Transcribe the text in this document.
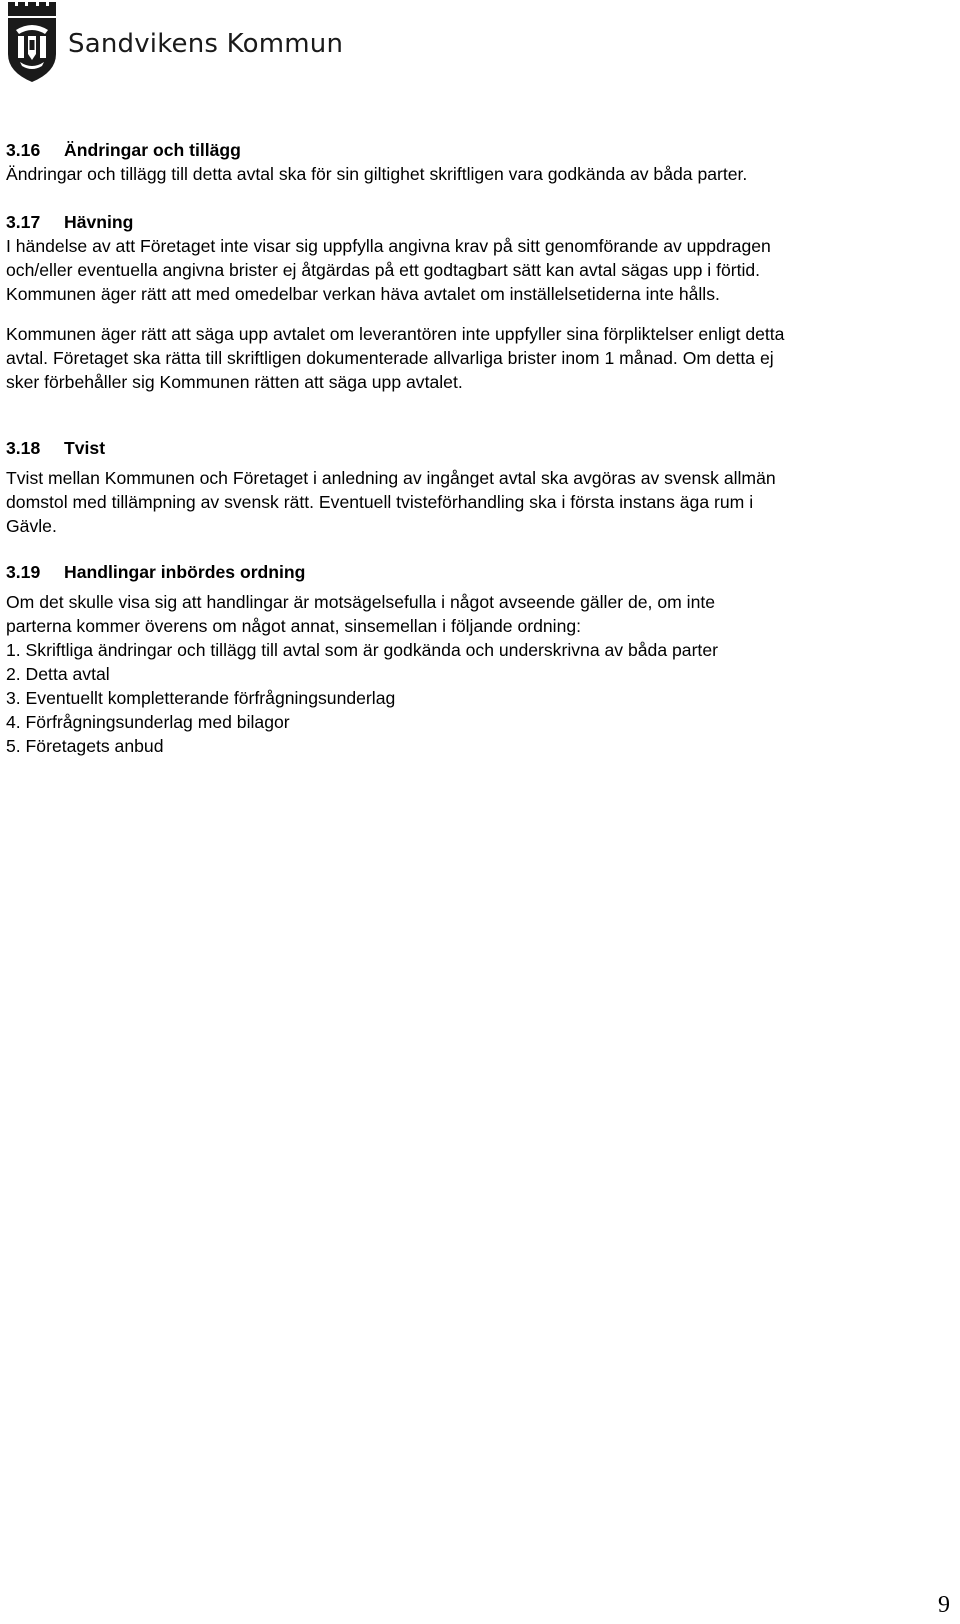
Sandvikens Kommun
3.16 Ändringar och tillägg

Ändringar och tillägg till detta avtal ska för sin giltighet skriftligen vara godkända av båda parter.

3.17 Hävning

I händelse av att Företaget inte visar sig uppfylla angivna krav på sitt genomförande av uppdragen
och/eller eventuella angivna brister ej åtgärdas på ett godtagbart sätt kan avtal sägas upp i förtid.
Kommunen äger rätt att med omedelbar verkan häva avtalet om inställelsetiderna inte hålls.

Kommunen äger rätt att säga upp avtalet om leverantören inte uppfyller sina förpliktelser enligt detta
avtal. Företaget ska rätta till skriftligen dokumenterade allvarliga brister inom 1 månad. Om detta ej
sker förbehåller sig Kommunen rätten att säga upp avtalet.

3.18 Tvist

Tvist mellan Kommunen och Företaget i anledning av ingånget avtal ska avgöras av svensk allmän
domstol med tillämpning av svensk rätt. Eventuell tvisteförhandling ska i första instans äga rum i
Gävle.

3.19 Handlingar inbördes ordning

Om det skulle visa sig att handlingar är motsägelsefulla i något avseende gäller de, om inte
parterna kommer överens om något annat, sinsemellan i följande ordning:
1. Skriftliga ändringar och tillägg till avtal som är godkända och underskrivna av båda parter
2. Detta avtal
3. Eventuellt kompletterande förfrågningsunderlag
4. Förfrågningsunderlag med bilagor
5. Företagets anbud

9
